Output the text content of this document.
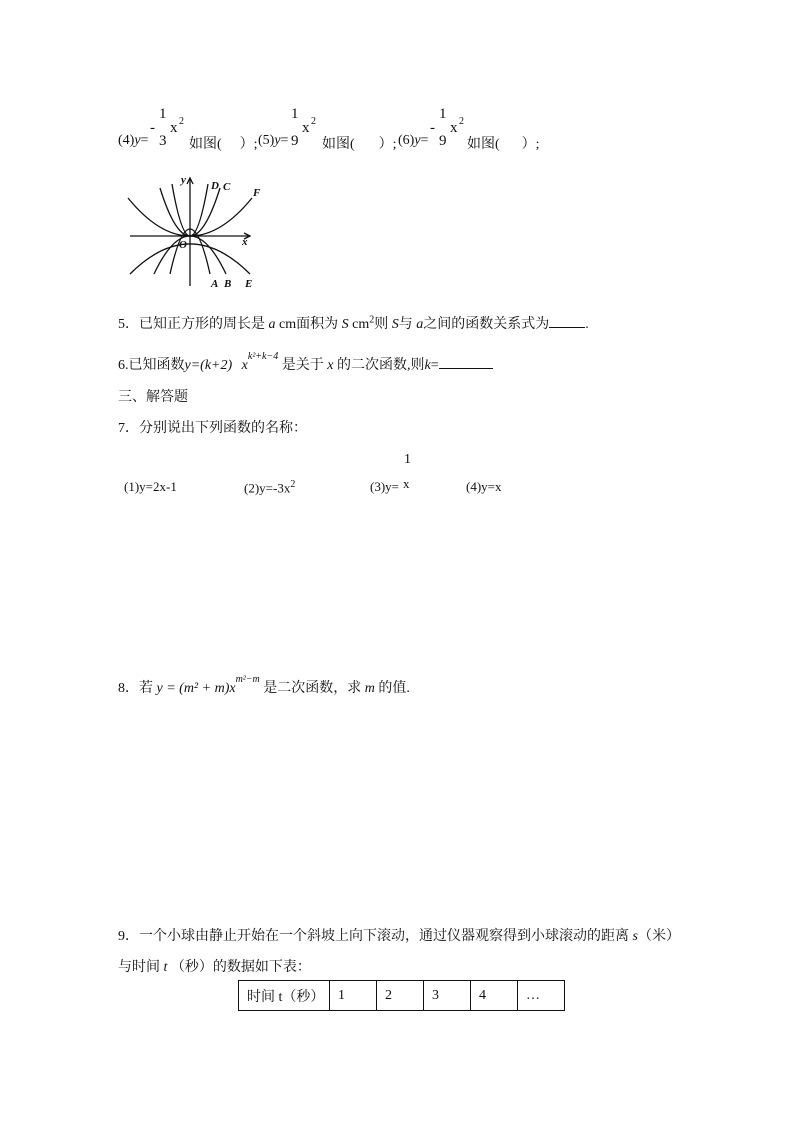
(4)y=
-
1
3
x 2
如图( ）; (5)y=
1
9
x 2
如图( ）; (6)y=
-
1
9
x 2
如图( ）;
y
x
O
D C F
A B E
5．已知正方形的周长是 a cm面积为 S $cm^2$则 S与 a之间的函数关系式为	.
6.已知函数y=(k+2) $x^{k^2+k-4}$ 是关于 x 的二次函数,则k=
三、解答题
7．分别说出下列函数的名称：
(1)y=2x-1	$(2)y=-3x^2$	(3)y=
1
x	(4)y=x
8．若 $y = (m^2 + m)x^{m^2-m}$ 是二次函数，求 m 的值.
9．一个小球由静止开始在一个斜坡上向下滚动，通过仪器观察得到小球滚动的距离 s（米）
与时间 t （秒）的数据如下表：
时间 t（秒）	1	2	3	4	…
